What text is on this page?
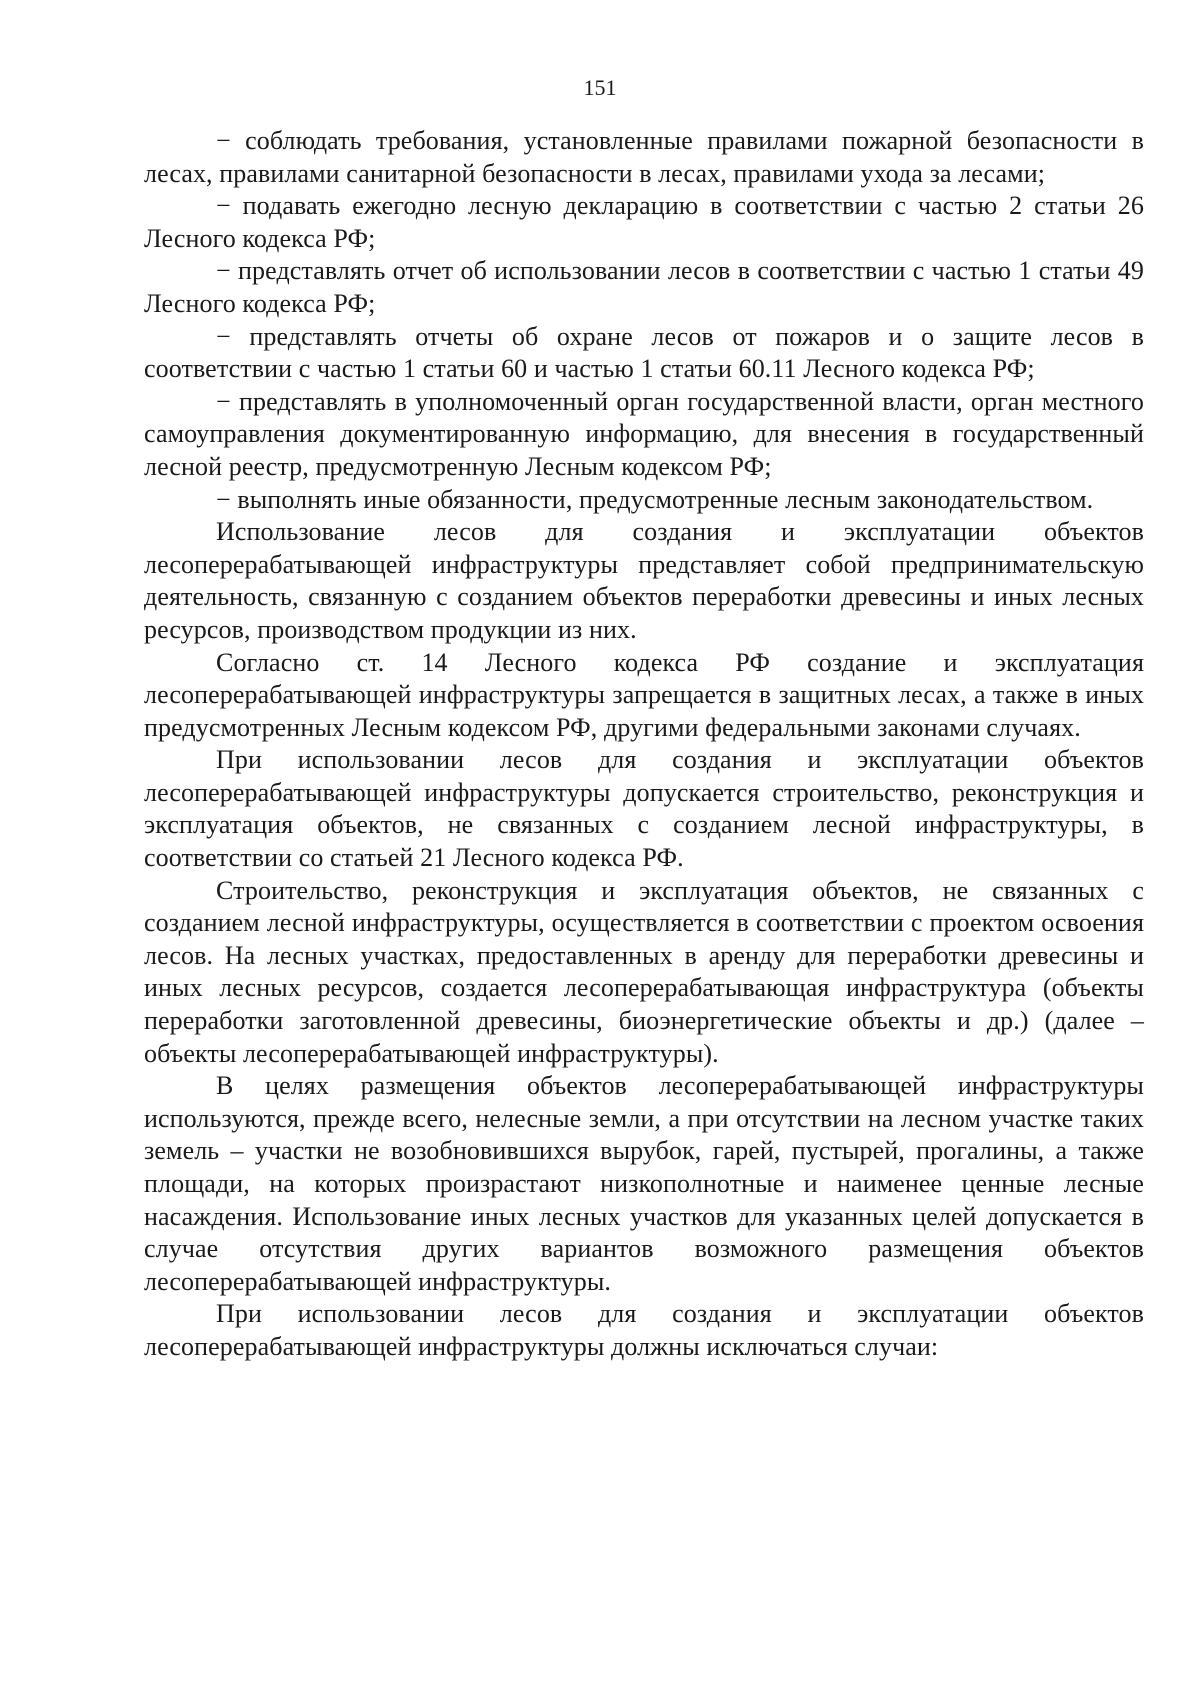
151

− соблюдать требования, установленные правилами пожарной безопасности в лесах, правилами санитарной безопасности в лесах, правилами ухода за лесами;

− подавать ежегодно лесную декларацию в соответствии с частью 2 статьи 26 Лесного кодекса РФ;

− представлять отчет об использовании лесов в соответствии с частью 1 статьи 49 Лесного кодекса РФ;

− представлять отчеты об охране лесов от пожаров и о защите лесов в соответствии с частью 1 статьи 60 и частью 1 статьи 60.11 Лесного кодекса РФ;

− представлять в уполномоченный орган государственной власти, орган местного самоуправления документированную информацию, для внесения в государственный лесной реестр, предусмотренную Лесным кодексом РФ;

− выполнять иные обязанности, предусмотренные лесным законодательством.

Использование лесов для создания и эксплуатации объектов лесоперерабатывающей инфраструктуры представляет собой предпринимательскую деятельность, связанную с созданием объектов переработки древесины и иных лесных ресурсов, производством продукции из них.

Согласно ст. 14 Лесного кодекса РФ создание и эксплуатация лесоперерабатывающей инфраструктуры запрещается в защитных лесах, а также в иных предусмотренных Лесным кодексом РФ, другими федеральными законами случаях.

При использовании лесов для создания и эксплуатации объектов лесоперерабатывающей инфраструктуры допускается строительство, реконструкция и эксплуатация объектов, не связанных с созданием лесной инфраструктуры, в соответствии со статьей 21 Лесного кодекса РФ.

Строительство, реконструкция и эксплуатация объектов, не связанных с созданием лесной инфраструктуры, осуществляется в соответствии с проектом освоения лесов. На лесных участках, предоставленных в аренду для переработки древесины и иных лесных ресурсов, создается лесоперерабатывающая инфраструктура (объекты переработки заготовленной древесины, биоэнергетические объекты и др.) (далее – объекты лесоперерабатывающей инфраструктуры).

В целях размещения объектов лесоперерабатывающей инфраструктуры используются, прежде всего, нелесные земли, а при отсутствии на лесном участке таких земель – участки не возобновившихся вырубок, гарей, пустырей, прогалины, а также площади, на которых произрастают низкополнотные и наименее ценные лесные насаждения. Использование иных лесных участков для указанных целей допускается в случае отсутствия других вариантов возможного размещения объектов лесоперерабатывающей инфраструктуры.

При использовании лесов для создания и эксплуатации объектов лесоперерабатывающей инфраструктуры должны исключаться случаи:
